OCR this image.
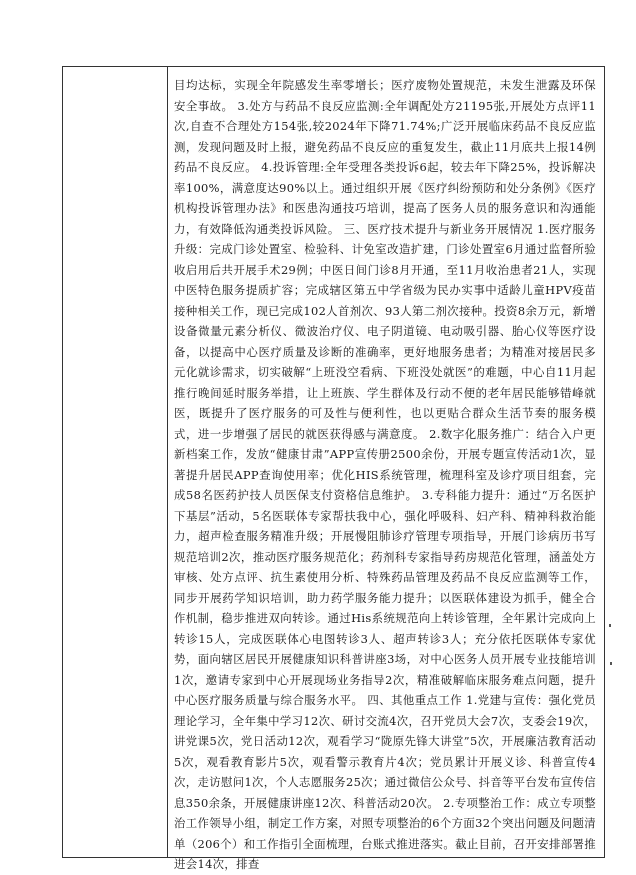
目均达标，实现全年院感发生率零增长；医疗废物处置规范，未发生泄露及环保安全事故。 3.处方与药品不良反应监测:全年调配处方21195张,开展处方点评11次,自查不合理处方154张,较2024年下降71.74%;广泛开展临床药品不良反应监测，发现问题及时上报，避免药品不良反应的重复发生，截止11月底共上报14例药品不良反应。 4.投诉管理:全年受理各类投诉6起，较去年下降25%，投诉解决率100%，满意度达90%以上。通过组织开展《医疗纠纷预防和处分条例》《医疗机构投诉管理办法》和医患沟通技巧培训，提高了医务人员的服务意识和沟通能力，有效降低沟通类投诉风险。 三、医疗技术提升与新业务开展情况 1.医疗服务升级：完成门诊处置室、检验科、计免室改造扩建，门诊处置室6月通过监督所验收启用后共开展手术29例；中医日间门诊8月开通，至11月收治患者21人，实现中医特色服务提质扩容；完成辖区第五中学省级为民办实事中适龄儿童HPV疫苗接种相关工作，现已完成102人首剂次、93人第二剂次接种。投资8余万元，新增设备微量元素分析仪、微波治疗仪、电子阴道镜、电动吸引器、胎心仪等医疗设备，以提高中心医疗质量及诊断的准确率，更好地服务患者；为精准对接居民多元化就诊需求，切实破解“上班没空看病、下班没处就医”的难题，中心自11月起推行晚间延时服务举措，让上班族、学生群体及行动不便的老年居民能够错峰就医，既提升了医疗服务的可及性与便利性，也以更贴合群众生活节奏的服务模式，进一步增强了居民的就医获得感与满意度。 2.数字化服务推广：结合入户更新档案工作，发放“健康甘肃”APP宣传册2500余份，开展专题宣传活动1次，显著提升居民APP查询使用率；优化HIS系统管理，梳理科室及诊疗项目组套，完成58名医药护技人员医保支付资格信息维护。 3.专科能力提升：通过“万名医护下基层”活动，5名医联体专家帮扶我中心，强化呼吸科、妇产科、精神科救治能力，超声检查服务精准升级；开展慢阻肺诊疗管理专项指导，开展门诊病历书写规范培训2次，推动医疗服务规范化；药剂科专家指导药房规范化管理，涵盖处方审核、处方点评、抗生素使用分析、特殊药品管理及药品不良反应监测等工作，同步开展药学知识培训，助力药学服务能力提升；以医联体建设为抓手，健全合作机制，稳步推进双向转诊。通过His系统规范向上转诊管理，全年累计完成向上转诊15人，完成医联体心电图转诊3人、超声转诊3人；充分依托医联体专家优势，面向辖区居民开展健康知识科普讲座3场，对中心医务人员开展专业技能培训1次，邀请专家到中心开展现场业务指导2次，精准破解临床服务难点问题，提升中心医疗服务质量与综合服务水平。 四、其他重点工作 1.党建与宣传：强化党员理论学习，全年集中学习12次、研讨交流4次，召开党员大会7次，支委会19次，讲党课5次，党日活动12次，观看学习“陇原先锋大讲堂”5次，开展廉洁教育活动5次，观看教育影片5次，观看警示教育片4次；党员累计开展义诊、科普宣传4次，走访慰问1次，个人志愿服务25次；通过微信公众号、抖音等平台发布宣传信息350余条，开展健康讲座12次、科普活动20次。 2.专项整治工作：成立专项整治工作领导小组，制定工作方案，对照专项整治的6个方面32个突出问题及问题清单（206个）和工作指引全面梳理，台账式推进落实。截止目前，召开安排部署推进会14次，排查
